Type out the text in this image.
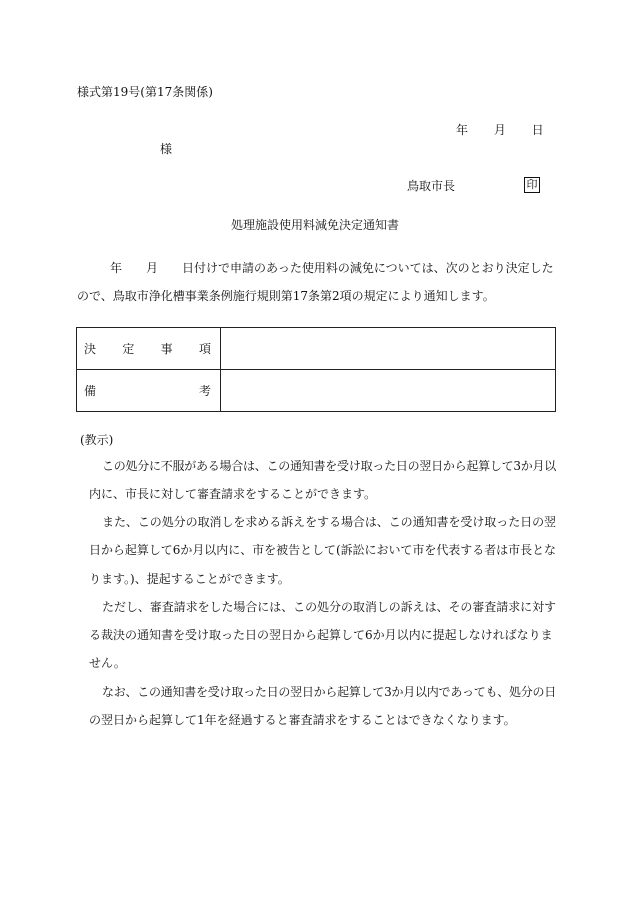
様式第19号(第17条関係)
年 月 日
様
鳥取市長	印
処理施設使用料減免決定通知書
年　　月　　日付けで申請のあった使用料の減免については、次のとおり決定した
ので、鳥取市浄化槽事業条例施行規則第17条第2項の規定により通知します。
決 定 事 項	

備 考	

(教示)
この処分に不服がある場合は、この通知書を受け取った日の翌日から起算して3か月以
内に、市長に対して審査請求をすることができます。
また、この処分の取消しを求める訴えをする場合は、この通知書を受け取った日の翌
日から起算して6か月以内に、市を被告として(訴訟において市を代表する者は市長とな
ります。)、提起することができます。
ただし、審査請求をした場合には、この処分の取消しの訴えは、その審査請求に対す
る裁決の通知書を受け取った日の翌日から起算して6か月以内に提起しなければなりま
せん。
なお、この通知書を受け取った日の翌日から起算して3か月以内であっても、処分の日
の翌日から起算して1年を経過すると審査請求をすることはできなくなります。
